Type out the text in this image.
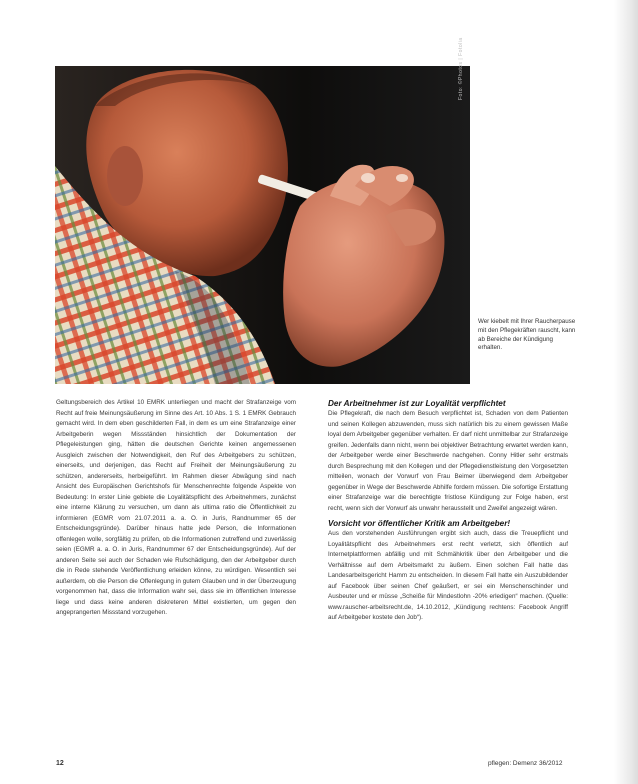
Foto: ©Photos | Fotolia
Wer kiebelt mit Ihrer Raucherpause mit den Pflegekräften rauscht, kann ab Bereiche der Kündigung erhalten.

Geltungsbereich des Artikel 10 EMRK unterliegen und macht der Strafanzeige vom Recht auf freie Meinungsäußerung im Sinne des Art. 10 Abs. 1 S. 1 EMRK Gebrauch gemacht wird. In dem eben geschilderten Fall, in dem es um eine Strafanzeige einer Arbeitgeberin wegen Missständen hinsichtlich der Dokumentation der Pflegeleistungen ging, hätten die deutschen Gerichte keinen angemessenen Ausgleich zwischen der Notwendigkeit, den Ruf des Arbeitgebers zu schützen, einerseits, und derjenigen, das Recht auf Freiheit der Meinungsäußerung zu schützen, andererseits, herbeigeführt. Im Rahmen dieser Abwägung sind nach Ansicht des Europäischen Gerichtshofs für Menschenrechte folgende Aspekte von Bedeutung: In erster Linie gebiete die Loyalitätspflicht des Arbeitnehmers, zunächst eine interne Klärung zu versuchen, um dann als ultima ratio die Öffentlichkeit zu informieren (EGMR vom 21.07.2011 a. a. O. in Juris, Randnummer 65 der Entscheidungsgründe). Darüber hinaus hatte jede Person, die Informationen offenlegen wolle, sorgfältig zu prüfen, ob die Informationen zutreffend und zuverlässig seien (EGMR a. a. O. in Juris, Randnummer 67 der Entscheidungsgründe). Auf der anderen Seite sei auch der Schaden wie Rufschädigung, den der Arbeitgeber durch die in Rede stehende Veröffentlichung erleiden könne, zu würdigen. Wesentlich sei außerdem, ob die Person die Offenlegung in gutem Glauben und in der Überzeugung vorgenommen hat, dass die Information wahr sei, dass sie im öffentlichen Interesse liege und dass keine anderen diskreteren Mittel existierten, um gegen den angeprangerten Missstand vorzugehen.

Der Arbeitnehmer ist zur Loyalität verpflichtet

Die Pflegekraft, die nach dem Besuch verpflichtet ist, Schaden von dem Patienten und seinen Kollegen abzuwenden, muss sich natürlich bis zu einem gewissen Maße loyal dem Arbeitgeber gegenüber verhalten. Er darf nicht unmittelbar zur Strafanzeige greifen. Jedenfalls dann nicht, wenn bei objektiver Betrachtung erwartet werden kann, der Arbeitgeber werde einer Beschwerde nachgehen. Conny Hitler sehr erstmals durch Besprechung mit den Kollegen und der Pflegedienstleistung den Vorgesetzten mitteilen, wonach der Vorwurf von Frau Beimer überwiegend dem Arbeitgeber gegenüber in Wege der Beschwerde Abhilfe fordern müssen. Die sofortige Erstattung einer Strafanzeige war die berechtigte fristlose Kündigung zur Folge haben, erst recht, wenn sich der Vorwurf als unwahr herausstellt und Zweifel angezeigt wären.

Vorsicht vor öffentlicher Kritik am Arbeitgeber!

Aus den vorstehenden Ausführungen ergibt sich auch, dass die Treuepflicht und Loyalitätspflicht des Arbeitnehmers erst recht verletzt, sich öffentlich auf Internetplattformen abfällig und mit Schmähkritik über den Arbeitgeber und die Verhältnisse auf dem Arbeitsmarkt zu äußern. Einen solchen Fall hatte das Landesarbeitsgericht Hamm zu entscheiden. In diesem Fall hatte ein Auszubildender auf Facebook über seinen Chef geäußert, er sei ein Menschenschinder und Ausbeuter und er müsse „Scheiße für Mindestlohn -20% erledigen“ machen. (Quelle: www.rauscher-arbeitsrecht.de, 14.10.2012, „Kündigung rechtens: Facebook Angriff auf Arbeitgeber kostete den Job“).

12	pflegen: Demenz 36/2012
